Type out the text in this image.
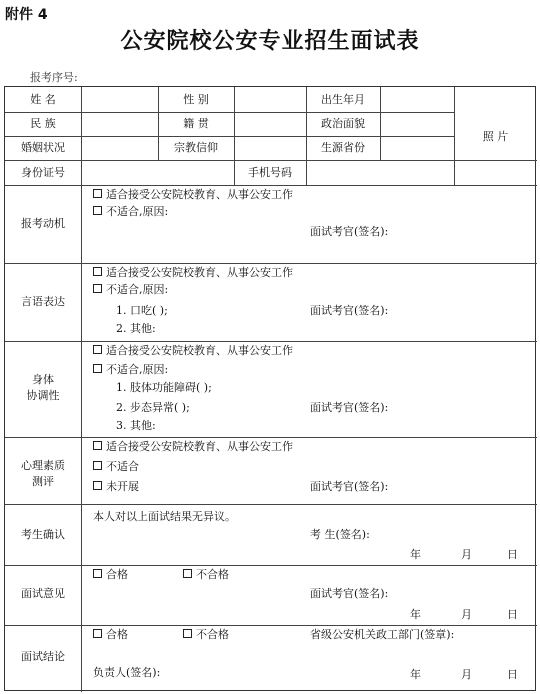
附件 4
公安院校公安专业招生面试表
报考序号:
姓 名	性 别	出生年月
民 族	籍 贯	政治面貌
婚姻状况	宗教信仰	生源省份
身份证号	手机号码
照 片
报考动机
适合接受公安院校教育、从事公安工作
不适合,原因:
面试考官(签名):
言语表达
适合接受公安院校教育、从事公安工作
不适合,原因:
1. 口吃( );	面试考官(签名):
2. 其他:
身体
协调性
适合接受公安院校教育、从事公安工作
不适合,原因:
1. 肢体功能障碍( );
2. 步态异常( );	面试考官(签名):
3. 其他:
心理素质
测评
适合接受公安院校教育、从事公安工作
不适合
未开展	面试考官(签名):
考生确认
本人对以上面试结果无异议。
考 生(签名):
年	月	日
面试意见
合格	不合格
面试考官(签名):
年	月	日
面试结论
合格	不合格	省级公安机关政工部门(签章):
负责人(签名):	年	月	日
